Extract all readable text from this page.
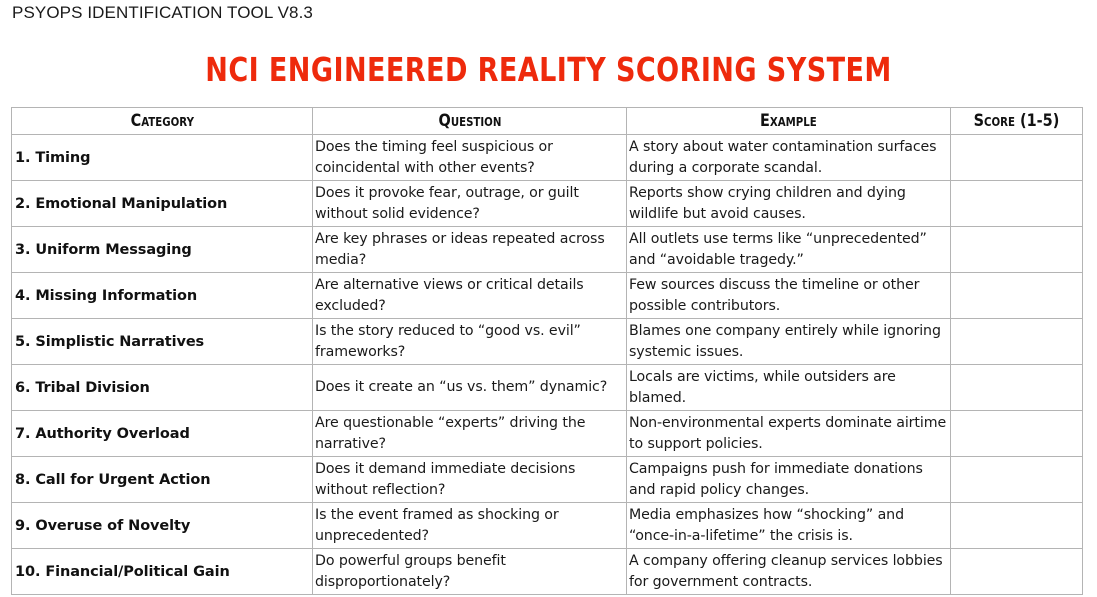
PSYOPS IDENTIFICATION TOOL V8.3
NCI ENGINEERED REALITY SCORING SYSTEM
Category	Question	Example	Score (1-5)
1. Timing	Does the timing feel suspicious or coincidental with other events?	A story about water contamination surfaces during a corporate scandal.	
2. Emotional Manipulation	Does it provoke fear, outrage, or guilt without solid evidence?	Reports show crying children and dying wildlife but avoid causes.	
3. Uniform Messaging	Are key phrases or ideas repeated across media?	All outlets use terms like “unprecedented” and “avoidable tragedy.”	
4. Missing Information	Are alternative views or critical details excluded?	Few sources discuss the timeline or other possible contributors.	
5. Simplistic Narratives	Is the story reduced to “good vs. evil” frameworks?	Blames one company entirely while ignoring systemic issues.	
6. Tribal Division	Does it create an “us vs. them” dynamic?	Locals are victims, while outsiders are blamed.	
7. Authority Overload	Are questionable “experts” driving the narrative?	Non-environmental experts dominate airtime to support policies.	
8. Call for Urgent Action	Does it demand immediate decisions without reflection?	Campaigns push for immediate donations and rapid policy changes.	
9. Overuse of Novelty	Is the event framed as shocking or unprecedented?	Media emphasizes how “shocking” and “once-in-a-lifetime” the crisis is.	
10. Financial/Political Gain	Do powerful groups benefit disproportionately?	A company offering cleanup services lobbies for government contracts.	
